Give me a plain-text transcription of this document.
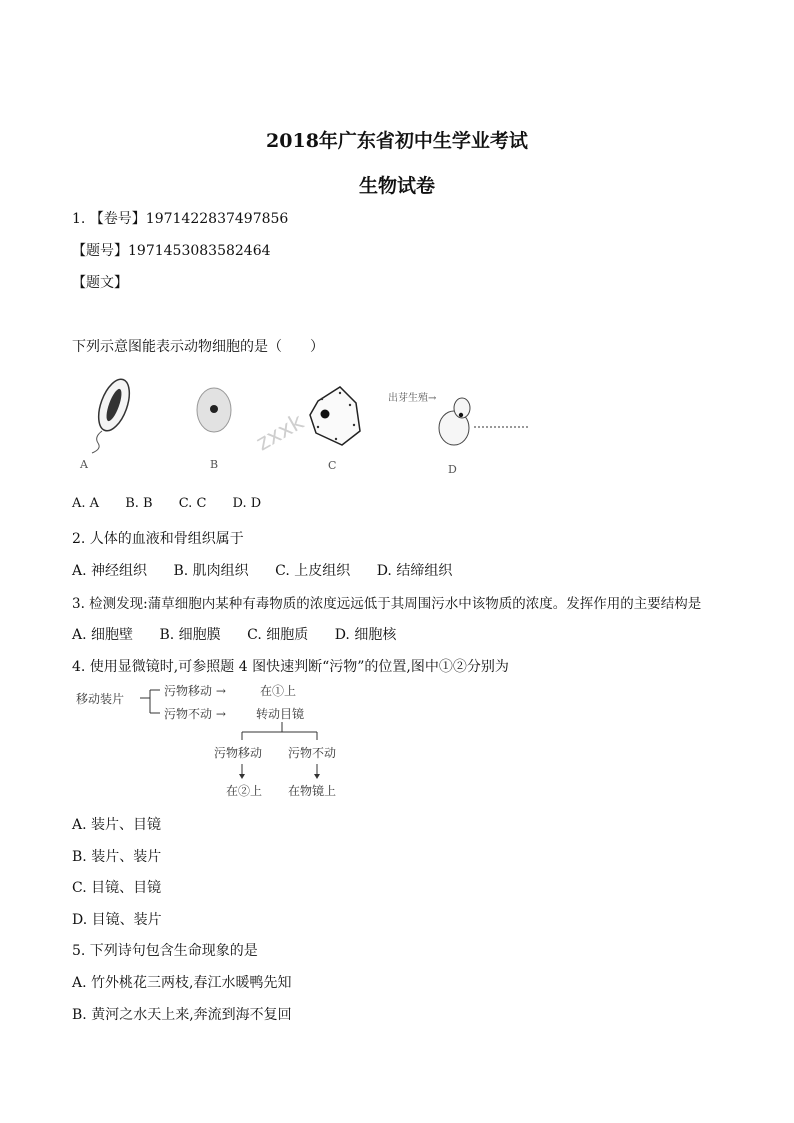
2018年广东省初中生学业考试
生物试卷
1. 【卷号】1971422837497856
【题号】1971453083582464
【题文】
下列示意图能表示动物细胞的是（　　）
zxxk
出芽生殖→
A	B	C	D
A. A B. B C. C D. D
2. 人体的血液和骨组织属于
A. 神经组织 B. 肌肉组织 C. 上皮组织 D. 结缔组织
3. 检测发现:蒲草细胞内某种有毒物质的浓度远远低于其周围污水中该物质的浓度。发挥作用的主要结构是
A. 细胞壁 B. 细胞膜 C. 细胞质 D. 细胞核
4. 使用显微镜时,可参照题 4 图快速判断“污物”的位置,图中①②分别为
移动装片
污物移动 →	在①上
污物不动 →	转动目镜
污物移动 污物不动
在②上 在物镜上
A. 装片、目镜
B. 装片、装片
C. 目镜、目镜
D. 目镜、装片
5. 下列诗句包含生命现象的是
A. 竹外桃花三两枝,春江水暖鸭先知
B. 黄河之水天上来,奔流到海不复回
